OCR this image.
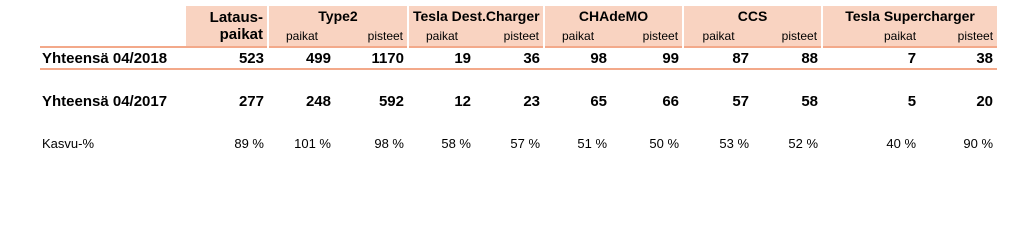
	Lataus-	Type2		Tesla Dest.Charger		CHAdeMO		CCS		Tesla Supercharger	
	paikat	paikat	pisteet	paikat	pisteet	paikat	pisteet	paikat	pisteet	paikat	pisteet
Yhteensä 04/2018	523	499	1170	19	36	98	99	87	88	7	38

Yhteensä 04/2017	277	248	592	12	23	65	66	57	58	5	20

Kasvu-%	89 %	101 %	98 %	58 %	57 %	51 %	50 %	53 %	52 %	40 %	90 %
